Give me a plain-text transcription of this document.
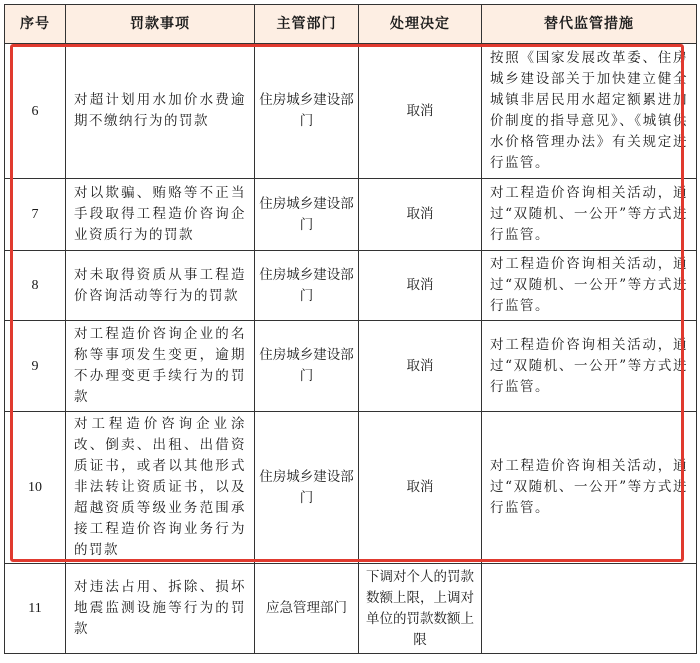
序号	罚款事项	主管部门	处理决定	替代监管措施
6	对超计划用水加价水费逾期不缴纳行为的罚款	住房城乡建设部门	取消	按照《国家发展改革委、住房城乡建设部关于加快建立健全城镇非居民用水超定额累进加价制度的指导意见》、《城镇供水价格管理办法》有关规定进行监管。
7	对以欺骗、贿赂等不正当手段取得工程造价咨询企业资质行为的罚款	住房城乡建设部门	取消	对工程造价咨询相关活动，通过“双随机、一公开”等方式进行监管。
8	对未取得资质从事工程造价咨询活动等行为的罚款	住房城乡建设部门	取消	对工程造价咨询相关活动，通过“双随机、一公开”等方式进行监管。
9	对工程造价咨询企业的名称等事项发生变更，逾期不办理变更手续行为的罚款	住房城乡建设部门	取消	对工程造价咨询相关活动，通过“双随机、一公开”等方式进行监管。
10	对工程造价咨询企业涂改、倒卖、出租、出借资质证书，或者以其他形式非法转让资质证书，以及超越资质等级业务范围承接工程造价咨询业务行为的罚款	住房城乡建设部门	取消	对工程造价咨询相关活动，通过“双随机、一公开”等方式进行监管。
11	对违法占用、拆除、损坏地震监测设施等行为的罚款	应急管理部门	下调对个人的罚款数额上限，上调对单位的罚款数额上限	
